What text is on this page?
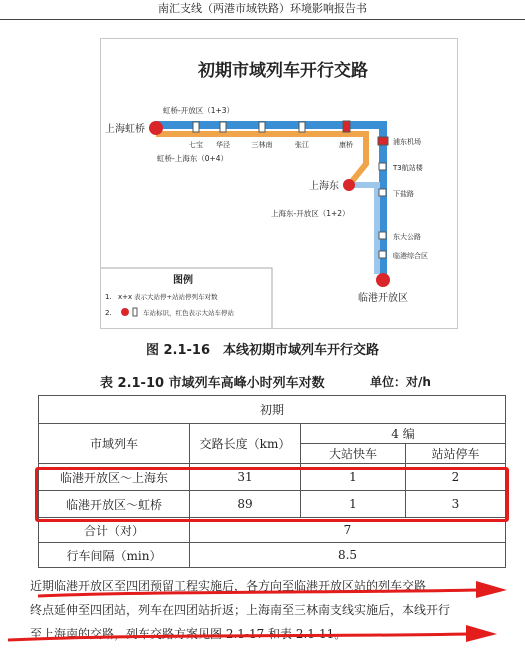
南汇支线（两港市域铁路）环境影响报告书
初期市域列车开行交路
上海虹桥
七宝 华泾	三林南	张江	康桥	浦东机场
T3航站楼
下盐路
上海东
东大公路
临港综合区
临港开放区
虹桥-开放区（1+3）
虹桥-上海东（0+4）
上海东-开放区（1+2）
图例
1. x+x 表示大站停+站站停列车对数
2.	车站标识，红色表示大站车停站
图 2.1-16　本线初期市域列车开行交路
表 2.1-10 市域列车高峰小时列车对数	单位：对/h
初期			
市域列车	交路长度（km）	4 编	
		大站快车	站站停车
临港开放区～上海东	31	1	2
临港开放区～虹桥	89	1	3
合计（对）	7		
行车间隔（min）	8.5		
近期临港开放区至四团预留工程实施后，各方向至临港开放区站的列车交路
终点延伸至四团站，列车在四团站折返；上海南至三林南支线实施后，本线开行
至上海南的交路，列车交路方案见图 2.1-17 和表 2.1-11。
